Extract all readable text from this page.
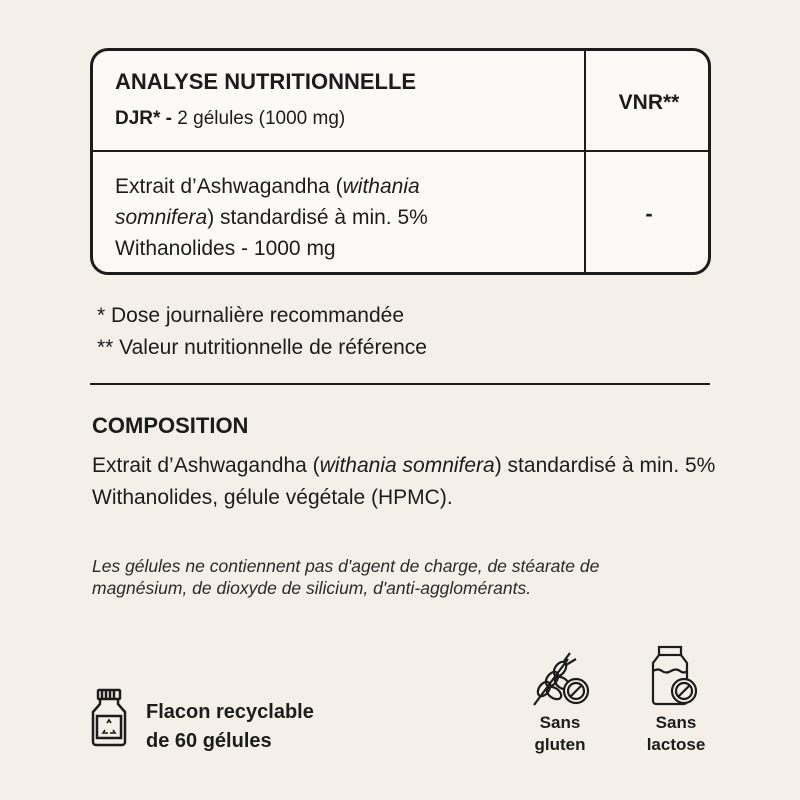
ANALYSE NUTRITIONNELLE
DJR* - 2 gélules (1000 mg)
VNR**
Extrait d’Ashwagandha (withania
somnifera) standardisé à min. 5%
Withanolides - 1000 mg
-
* Dose journalière recommandée
** Valeur nutritionnelle de référence
COMPOSITION
Extrait d’Ashwagandha (withania somnifera) standardisé à min. 5% Withanolides, gélule végétale (HPMC).
Les gélules ne contiennent pas d'agent de charge, de stéarate de magnésium, de dioxyde de silicium, d'anti-agglomérants.
Flacon recyclable
de 60 gélules
Sans
gluten
Sans
lactose
